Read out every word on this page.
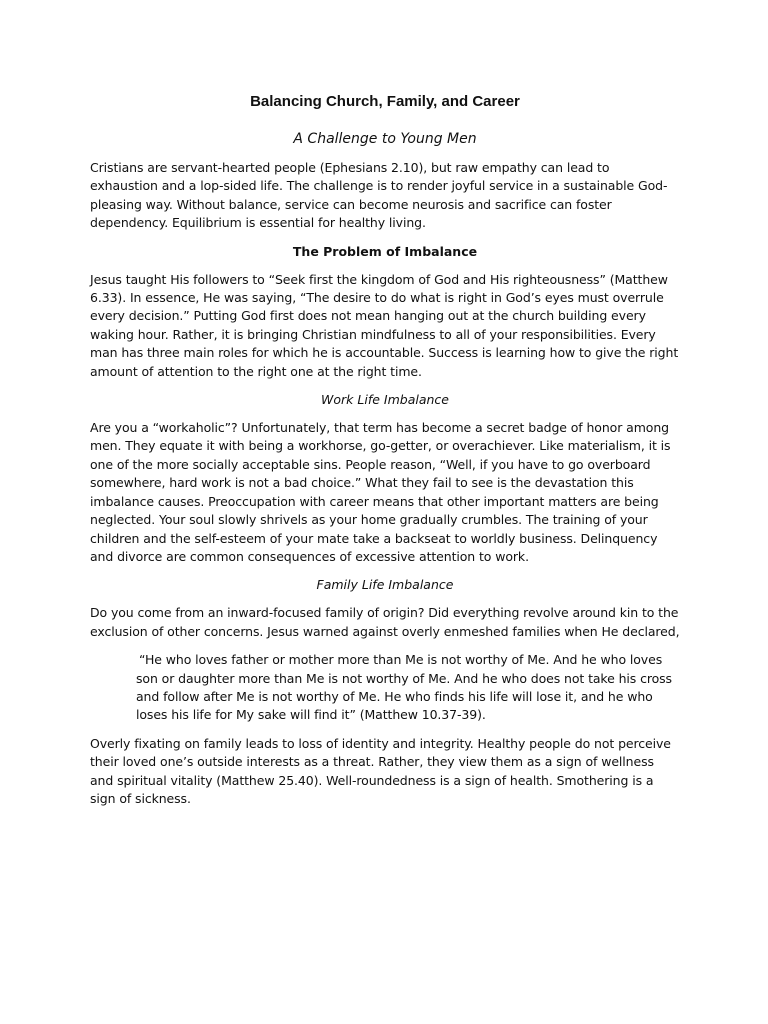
Balancing Church, Family, and Career
A Challenge to Young Men

Cristians are servant-hearted people (Ephesians 2.10), but raw empathy can lead to exhaustion and a lop-sided life. The challenge is to render joyful service in a sustainable God-pleasing way. Without balance, service can become neurosis and sacrifice can foster dependency. Equilibrium is essential for healthy living.

The Problem of Imbalance

Jesus taught His followers to “Seek first the kingdom of God and His righteousness” (Matthew 6.33). In essence, He was saying, “The desire to do what is right in God’s eyes must overrule every decision.” Putting God first does not mean hanging out at the church building every waking hour. Rather, it is bringing Christian mindfulness to all of your responsibilities. Every man has three main roles for which he is accountable. Success is learning how to give the right amount of attention to the right one at the right time.

Work Life Imbalance

Are you a “workaholic”? Unfortunately, that term has become a secret badge of honor among men. They equate it with being a workhorse, go-getter, or overachiever. Like materialism, it is one of the more socially acceptable sins. People reason, “Well, if you have to go overboard somewhere, hard work is not a bad choice.” What they fail to see is the devastation this imbalance causes. Preoccupation with career means that other important matters are being neglected. Your soul slowly shrivels as your home gradually crumbles. The training of your children and the self-esteem of your mate take a backseat to worldly business. Delinquency and divorce are common consequences of excessive attention to work.

Family Life Imbalance

Do you come from an inward-focused family of origin? Did everything revolve around kin to the exclusion of other concerns. Jesus warned against overly enmeshed families when He declared,

“He who loves father or mother more than Me is not worthy of Me. And he who loves son or daughter more than Me is not worthy of Me. And he who does not take his cross and follow after Me is not worthy of Me. He who finds his life will lose it, and he who loses his life for My sake will find it” (Matthew 10.37-39).

Overly fixating on family leads to loss of identity and integrity. Healthy people do not perceive their loved one’s outside interests as a threat. Rather, they view them as a sign of wellness and spiritual vitality (Matthew 25.40). Well-roundedness is a sign of health. Smothering is a sign of sickness.
